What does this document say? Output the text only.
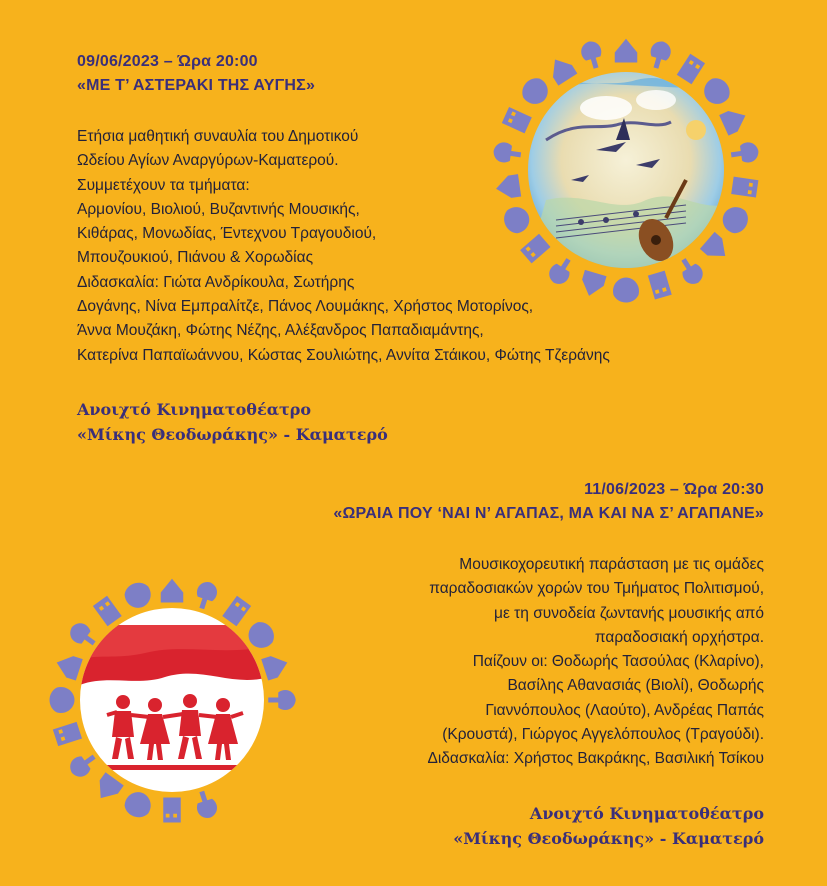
09/06/2023 – Ώρα 20:00
«ΜΕ Τ’ ΑΣΤΕΡΑΚΙ ΤΗΣ ΑΥΓΗΣ»
Ετήσια μαθητική συναυλία του Δημοτικού
Ωδείου Αγίων Αναργύρων-Καματερού.
Συμμετέχουν τα τμήματα:
Αρμονίου, Βιολιού, Βυζαντινής Μουσικής,
Κιθάρας, Μονωδίας, Έντεχνου Τραγουδιού,
Μπουζουκιού, Πιάνου & Χορωδίας
Διδασκαλία: Γιώτα Ανδρίκουλα, Σωτήρης
Δογάνης, Νίνα Εμπραλίτζε, Πάνος Λουμάκης, Χρήστος Μοτορίνος,
Άννα Μουζάκη, Φώτης Νέζης, Αλέξανδρος Παπαδιαμάντης,
Κατερίνα Παπαϊωάννου, Κώστας Σουλιώτης, Αννίτα Στάικου, Φώτης Τζεράνης
Ανοιχτό Κινηματοθέατρο
«Μίκης Θεοδωράκης» - Καματερό
11/06/2023 – Ώρα 20:30
«ΩΡΑΙΑ ΠΟΥ ‘ΝΑΙ Ν’ ΑΓΑΠΑΣ, ΜΑ ΚΑΙ ΝΑ Σ’ ΑΓΑΠΑΝΕ»
Μουσικοχορευτική παράσταση με τις ομάδες
παραδοσιακών χορών του Τμήματος Πολιτισμού,
με τη συνοδεία ζωντανής μουσικής από
παραδοσιακή ορχήστρα.
Παίζουν οι: Θοδωρής Τασούλας (Κλαρίνο),
Βασίλης Αθανασιάς (Βιολί), Θοδωρής
Γιαννόπουλος (Λαούτο), Ανδρέας Παπάς
(Κρουστά), Γιώργος Αγγελόπουλος (Τραγούδι).
Διδασκαλία: Χρήστος Βακράκης, Βασιλική Τσίκου
Ανοιχτό Κινηματοθέατρο
«Μίκης Θεοδωράκης» - Καματερό
